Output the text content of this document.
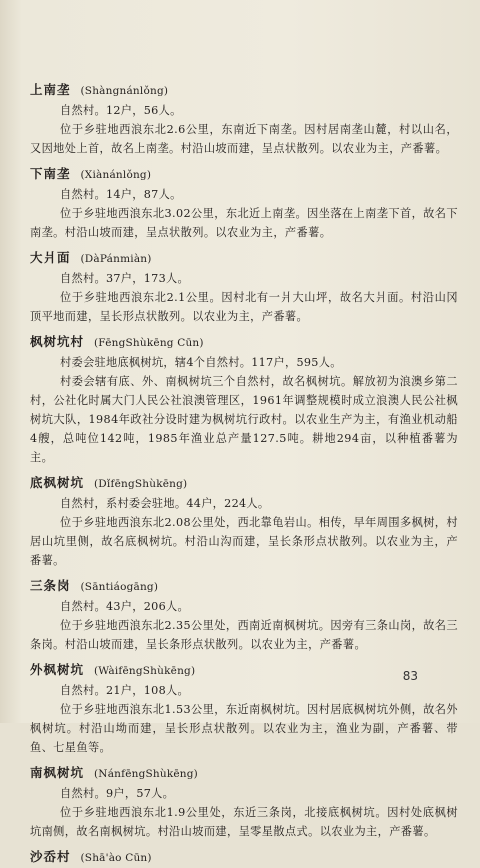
上南垄 (Shàngnánlǒng)
自然村。12户，56人。

位于乡驻地西浪东北2.6公里，东南近下南垄。因村居南垄山麓，村以山名，又因地处上首，故名上南垄。村沿山坡而建，呈点状散列。以农业为主，产番薯。

下南垄 (Xiànánlǒng)
自然村。14户，87人。

位于乡驻地西浪东北3.02公里，东北近上南垄。因坐落在上南垄下首，故名下南垄。村沿山坡而建，呈点状散列。以农业为主，产番薯。

大爿面 (DàPánmiàn)
自然村。37户，173人。

位于乡驻地西浪东北2.1公里。因村北有一爿大山坪，故名大爿面。村沿山冈顶平地而建，呈长形点状散列。以农业为主，产番薯。

枫树坑村 (FēngShùkēng Cūn)
村委会驻地底枫树坑，辖4个自然村。117户，595人。

村委会辖有底、外、南枫树坑三个自然村，故名枫树坑。解放初为浪澳乡第二村，公社化时属大门人民公社浪澳管理区，1961年调整规模时成立浪澳人民公社枫树坑大队，1984年政社分设时建为枫树坑行政村。以农业生产为主，有渔业机动船4艘，总吨位142吨，1985年渔业总产量127.5吨。耕地294亩，以种植番薯为主。

底枫树坑 (DǐfēngShùkēng)
自然村，系村委会驻地。44户，224人。

位于乡驻地西浪东北2.08公里处，西北靠龟岩山。相传，早年周围多枫树，村居山坑里侧，故名底枫树坑。村沿山沟而建，呈长条形点状散列。以农业为主，产番薯。

三条岗 (Sāntiáogāng)
自然村。43户，206人。

位于乡驻地西浪东北2.35公里处，西南近南枫树坑。因旁有三条山岗，故名三条岗。村沿山坡而建，呈长条形点状散列。以农业为主，产番薯。

外枫树坑 (WàifēngShùkēng)
自然村。21户，108人。

位于乡驻地西浪东北1.53公里，东近南枫树坑。因村居底枫树坑外侧，故名外枫树坑。村沿山坳而建，呈长形点状散列。以农业为主，渔业为副，产番薯、带鱼、七星鱼等。

南枫树坑 (NánfēngShùkēng)
自然村。9户，57人。

位于乡驻地西浪东北1.9公里处，东近三条岗，北接底枫树坑。因村处底枫树坑南侧，故名南枫树坑。村沿山坡而建，呈零星散点式。以农业为主，产番薯。

沙岙村 (Shā'ào Cūn)
83
